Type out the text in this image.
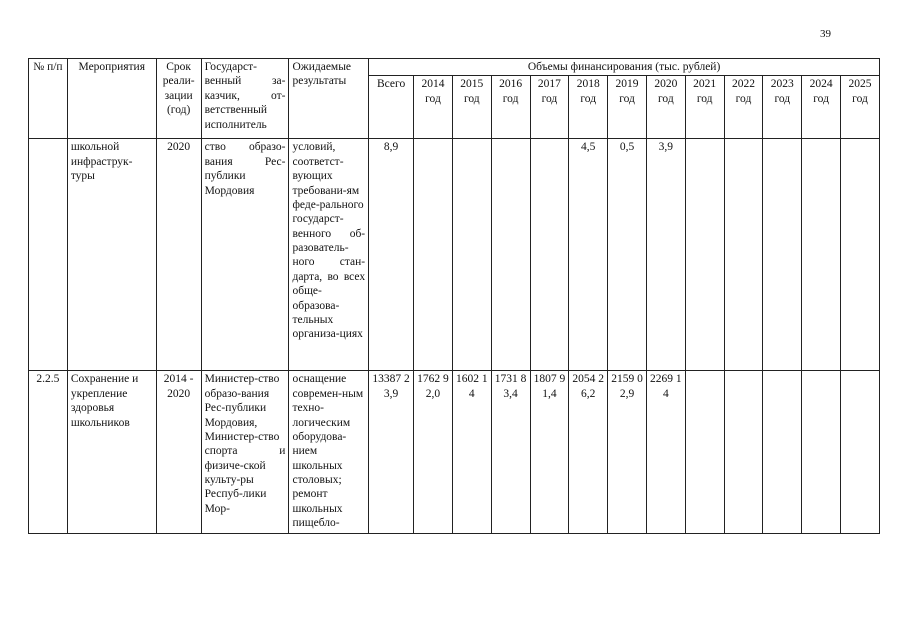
39
№ п/п	Мероприятия	Срок реали-зации (год)	Государст-венный за-казчик, от-ветственный исполнитель	Ожидаемые результаты	Объемы финансирования (тыс. рублей)												
					Всего	2014 год	2015 год	2016 год	2017 год	2018 год	2019 год	2020 год	2021 год	2022 год	2023 год	2024 год	2025 год
	школьной инфраструк-туры	2020	ство образо-вания Рес-публики Мордовия	условий, соответст-вующих требовани-ям феде-рального государст-венного об-разователь-ного стан-дарта, во всех обще-образова-тельных организа-циях	8,9					4,5	0,5	3,9					
2.2.5	Сохранение и укрепление здоровья школьников	2014 - 2020	Министер-ство образо-вания Рес-публики Мордовия, Министер-ство спорта и физиче-ской культу-ры Респуб-лики Мор-	оснащение современ-ным техно-логическим оборудова-нием школьных столовых; ремонт школьных пищебло-	13387 23,9	1762 92,0	1602 14	1731 83,4	1807 91,4	2054 26,2	2159 02,9	2269 14					
